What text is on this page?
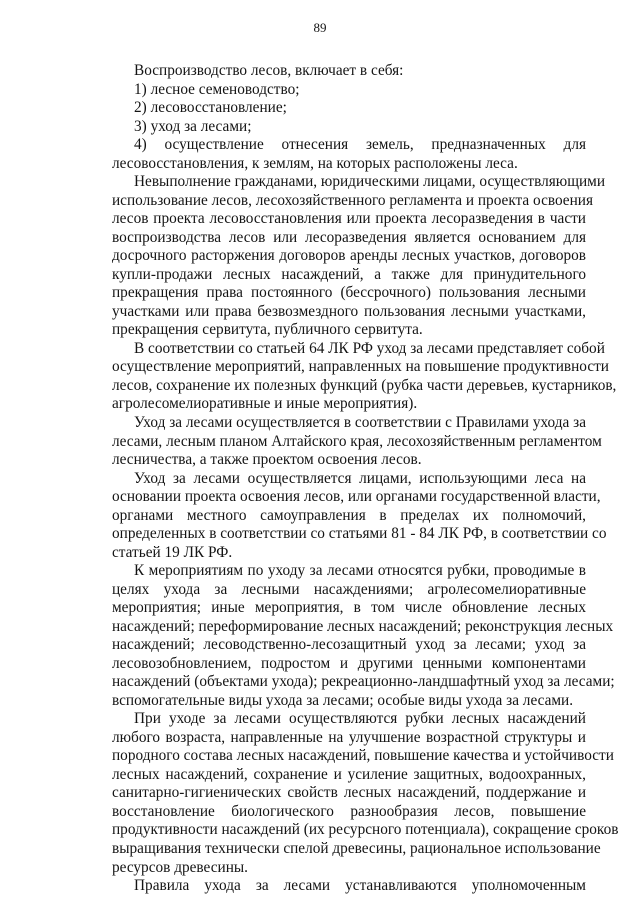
89
Воспроизводство лесов, включает в себя:
1) лесное семеноводство;
2) лесовосстановление;
3) уход за лесами;
4) осуществление отнесения земель, предназначенных для
лесовосстановления, к землям, на которых расположены леса.
Невыполнение гражданами, юридическими лицами, осуществляющими
использование лесов, лесохозяйственного регламента и проекта освоения
лесов проекта лесовосстановления или проекта лесоразведения в части
воспроизводства лесов или лесоразведения является основанием для
досрочного расторжения договоров аренды лесных участков, договоров
купли-продажи лесных насаждений, а также для принудительного
прекращения права постоянного (бессрочного) пользования лесными
участками или права безвозмездного пользования лесными участками,
прекращения сервитута, публичного сервитута.
В соответствии со статьей 64 ЛК РФ уход за лесами представляет собой
осуществление мероприятий, направленных на повышение продуктивности
лесов, сохранение их полезных функций (рубка части деревьев, кустарников,
агролесомелиоративные и иные мероприятия).
Уход за лесами осуществляется в соответствии с Правилами ухода за
лесами, лесным планом Алтайского края, лесохозяйственным регламентом
лесничества, а также проектом освоения лесов.
Уход за лесами осуществляется лицами, использующими леса на
основании проекта освоения лесов, или органами государственной власти,
органами местного самоуправления в пределах их полномочий,
определенных в соответствии со статьями 81 - 84 ЛК РФ, в соответствии со
статьей 19 ЛК РФ.
К мероприятиям по уходу за лесами относятся рубки, проводимые в
целях ухода за лесными насаждениями; агролесомелиоративные
мероприятия; иные мероприятия, в том числе обновление лесных
насаждений; переформирование лесных насаждений; реконструкция лесных
насаждений; лесоводственно-лесозащитный уход за лесами; уход за
лесовозобновлением, подростом и другими ценными компонентами
насаждений (объектами ухода); рекреационно-ландшафтный уход за лесами;
вспомогательные виды ухода за лесами; особые виды ухода за лесами.
При уходе за лесами осуществляются рубки лесных насаждений
любого возраста, направленные на улучшение возрастной структуры и
породного состава лесных насаждений, повышение качества и устойчивости
лесных насаждений, сохранение и усиление защитных, водоохранных,
санитарно-гигиенических свойств лесных насаждений, поддержание и
восстановление биологического разнообразия лесов, повышение
продуктивности насаждений (их ресурсного потенциала), сокращение сроков
выращивания технически спелой древесины, рациональное использование
ресурсов древесины.
Правила ухода за лесами устанавливаются уполномоченным
